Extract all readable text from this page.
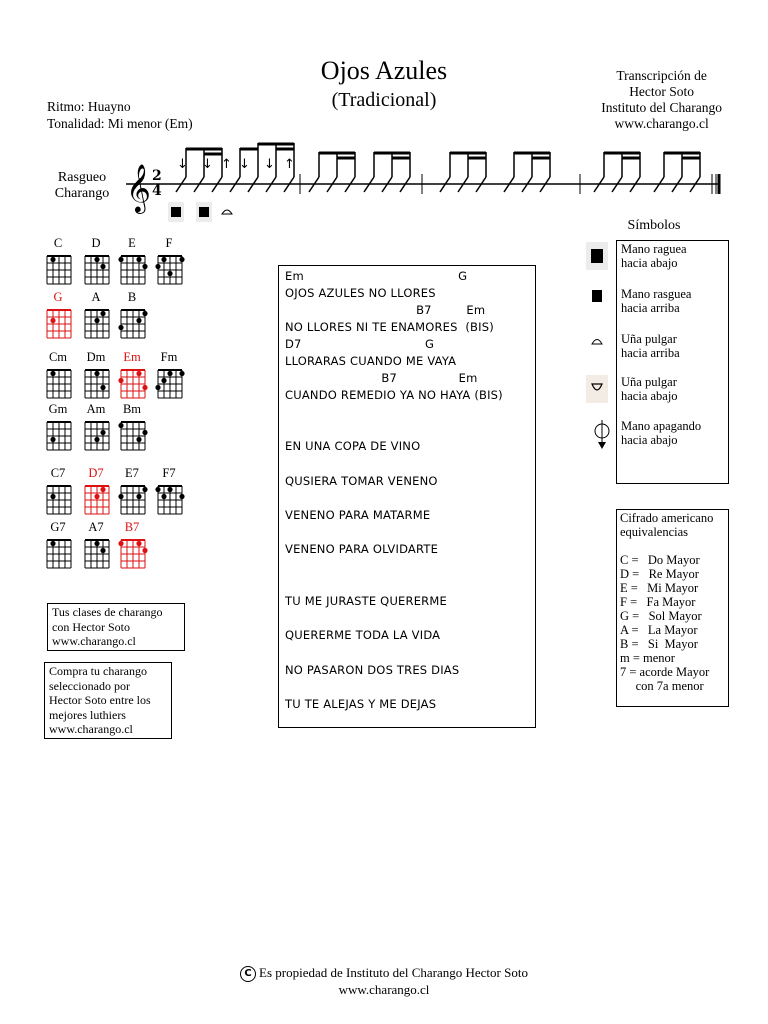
Ojos Azules
(Tradicional)
Ritmo: Huayno
Tonalidad: Mi menor (Em)
Transcripción de
Hector Soto
Instituto del Charango
www.charango.cl
Rasgueo
Charango 𝄞 2
4
↓ ↓ ↑ ↓ ↓ ↑
C	D	E	F
G	A	B
Cm	Dm	Em	Fm
Gm	Am	Bm
C7	D7	E7	F7
G7	A7	B7
Em                                        G
OJOS AZULES NO LLORES
B7         Em
NO LLORES NI TE ENAMORES  (BIS)
D7                                G
LLORARAS CUANDO ME VAYA
B7                Em
CUANDO REMEDIO YA NO HAYA (BIS)
EN UNA COPA DE VINO
QUSIERA TOMAR VENENO
VENENO PARA MATARME
VENENO PARA OLVIDARTE
TU ME JURASTE QUERERME
QUERERME TODA LA VIDA
NO PASARON DOS TRES DIAS
TU TE ALEJAS Y ME DEJAS
Símbolos
Mano raguea
hacia abajo
Mano rasguea
hacia arriba
Uña pulgar
hacia arriba
Uña pulgar
hacia abajo
Mano apagando
hacia abajo
Cifrado americano
equivalencias
C =   Do Mayor
D =   Re Mayor
E =   Mi Mayor
F =   Fa Mayor
G =   Sol Mayor
A =   La Mayor
B =   Si  Mayor
m = menor
7 = acorde Mayor
con 7a menor
Tus clases de charango
con Hector Soto
www.charango.cl
Compra tu charango
seleccionado por
Hector Soto entre los
mejores luthiers
www.charango.cl
C Es propiedad de Instituto del Charango Hector Soto
www.charango.cl
